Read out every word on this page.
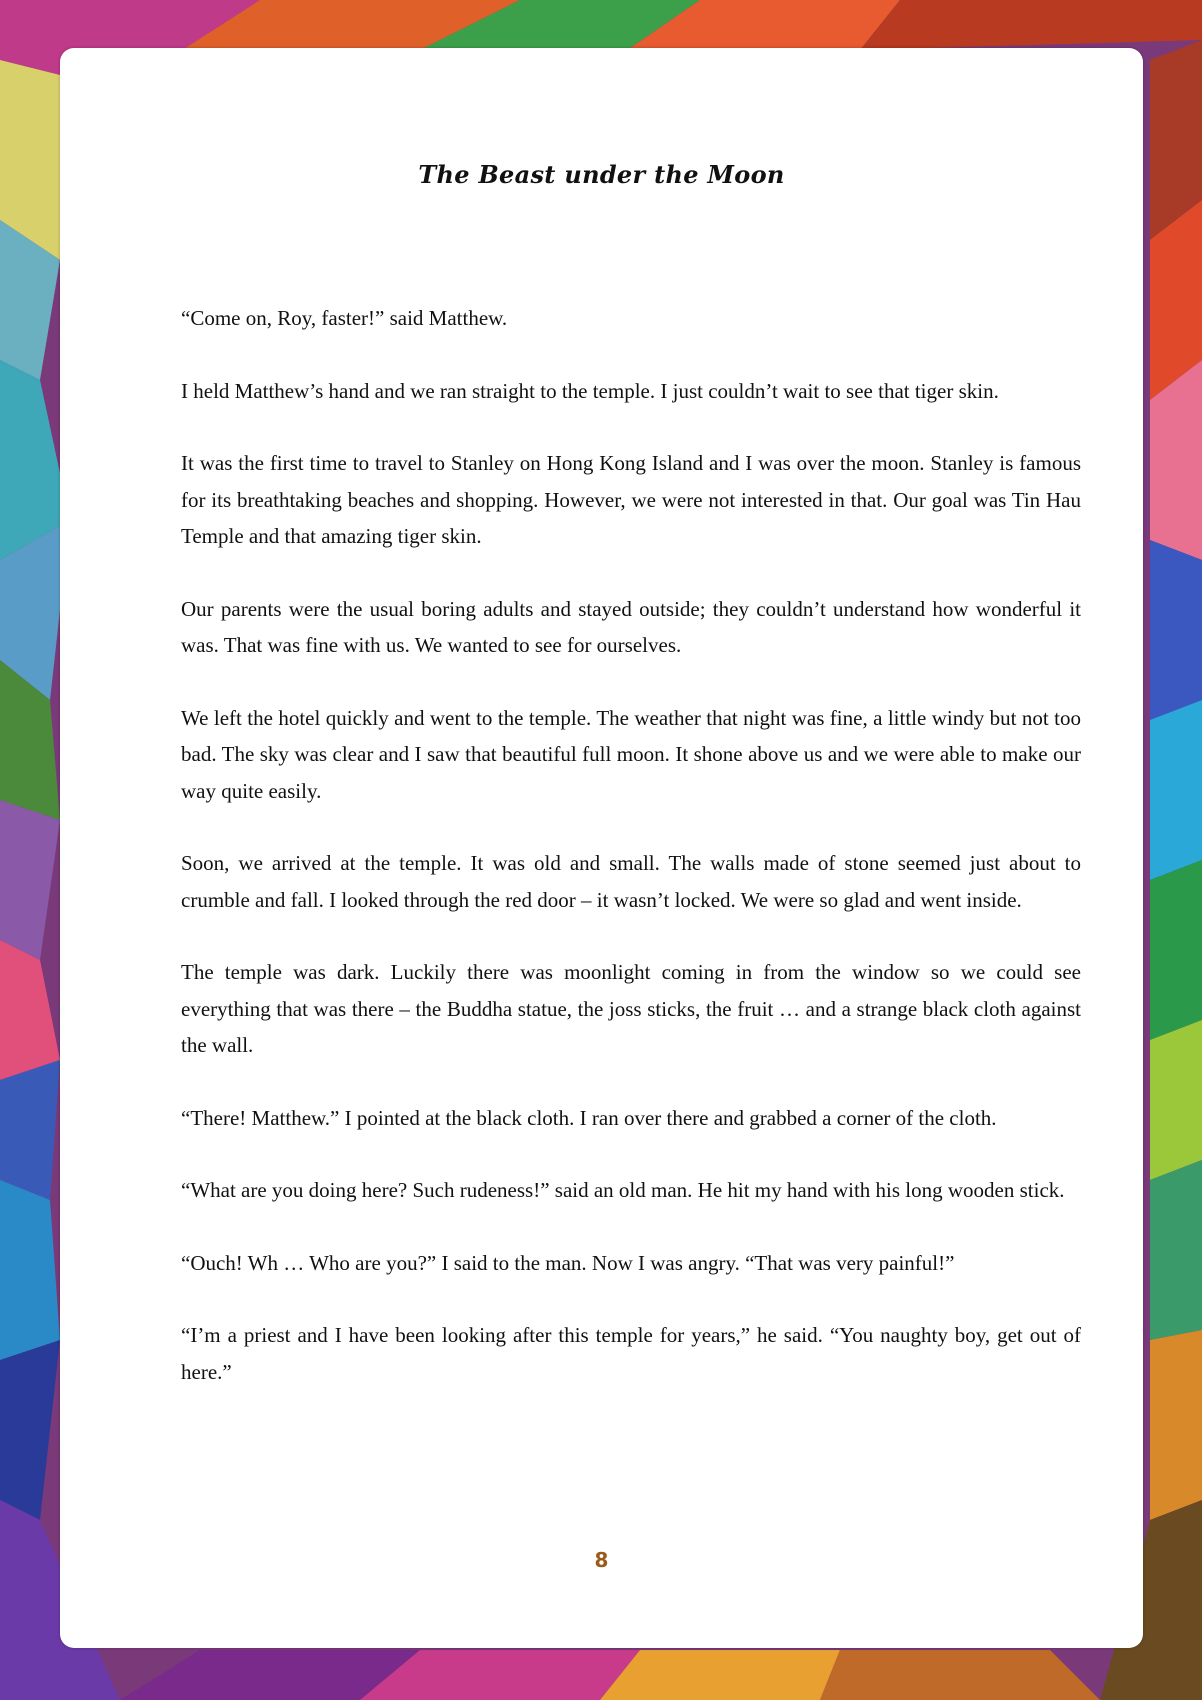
The Beast under the Moon

“Come on, Roy, faster!” said Matthew.

I held Matthew’s hand and we ran straight to the temple. I just couldn’t wait to see that tiger skin.

It was the first time to travel to Stanley on Hong Kong Island and I was over the moon. Stanley is famous for its breathtaking beaches and shopping. However, we were not interested in that. Our goal was Tin Hau Temple and that amazing tiger skin.

Our parents were the usual boring adults and stayed outside; they couldn’t understand how wonderful it was. That was fine with us. We wanted to see for ourselves.

We left the hotel quickly and went to the temple. The weather that night was fine, a little windy but not too bad. The sky was clear and I saw that beautiful full moon. It shone above us and we were able to make our way quite easily.

Soon, we arrived at the temple. It was old and small. The walls made of stone seemed just about to crumble and fall. I looked through the red door – it wasn’t locked. We were so glad and went inside.

The temple was dark. Luckily there was moonlight coming in from the window so we could see everything that was there – the Buddha statue, the joss sticks, the fruit … and a strange black cloth against the wall.

“There! Matthew.” I pointed at the black cloth. I ran over there and grabbed a corner of the cloth.

“What are you doing here? Such rudeness!” said an old man. He hit my hand with his long wooden stick.

“Ouch! Wh … Who are you?” I said to the man. Now I was angry. “That was very painful!”

“I’m a priest and I have been looking after this temple for years,” he said. “You naughty boy, get out of here.”

8
